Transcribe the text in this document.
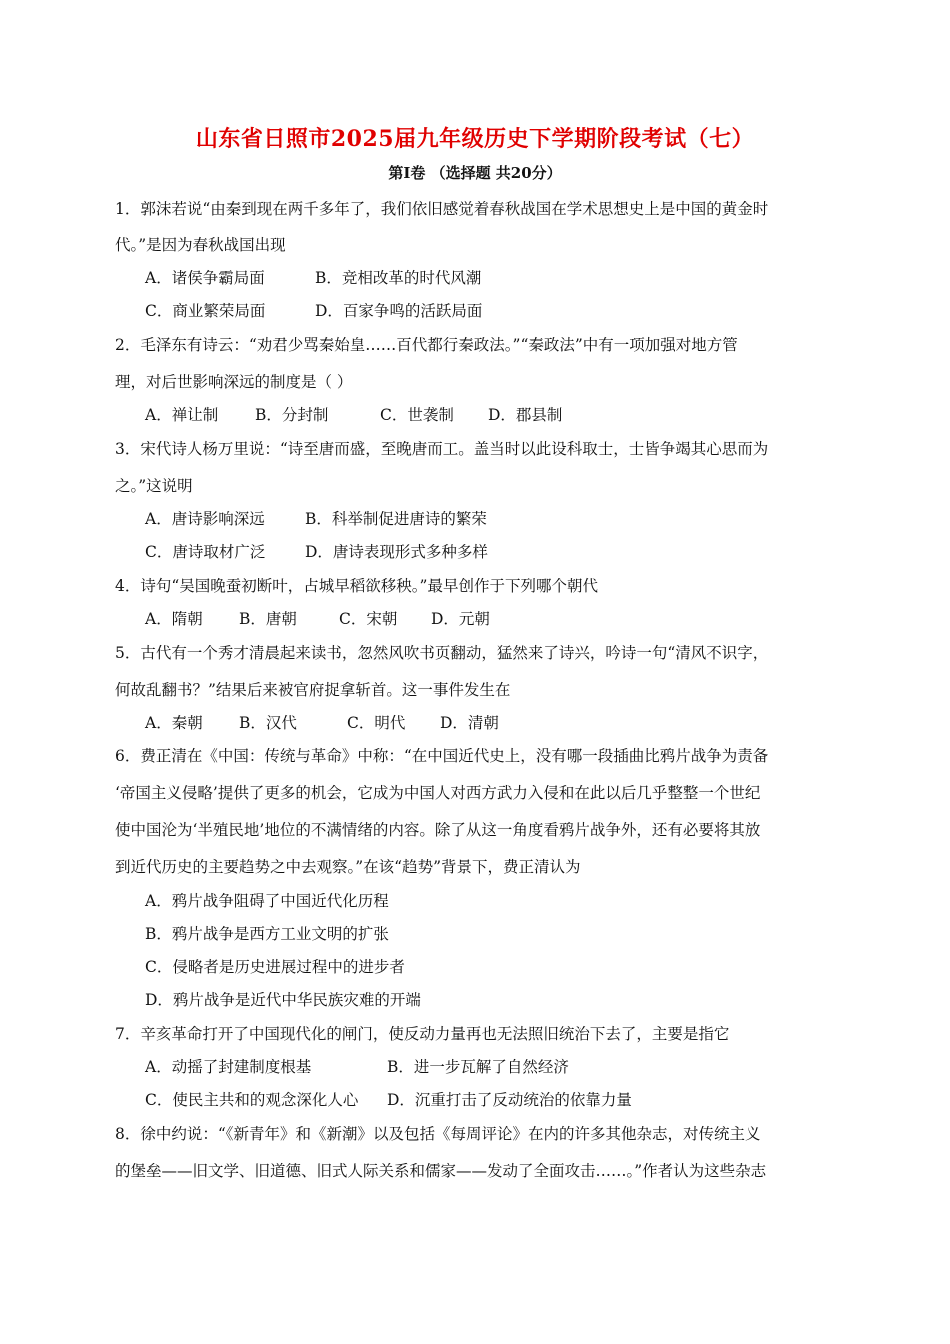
山东省日照市2025届九年级历史下学期阶段考试（七）
第Ⅰ卷 （选择题 共20分）
1．郭沫若说“由秦到现在两千多年了，我们依旧感觉着春秋战国在学术思想史上是中国的黄金时
代。”是因为春秋战国出现
A．诸侯争霸局面	B．竞相改革的时代风潮
C．商业繁荣局面	D．百家争鸣的活跃局面
2．毛泽东有诗云：“劝君少骂秦始皇……百代都行秦政法。”“秦政法”中有一项加强对地方管
理，对后世影响深远的制度是（ ）
A．禅让制 B．分封制	C．世袭制 D．郡县制
3．宋代诗人杨万里说：“诗至唐而盛，至晚唐而工。盖当时以此设科取士，士皆争竭其心思而为
之。”这说明
A．唐诗影响深远	B．科举制促进唐诗的繁荣
C．唐诗取材广泛	D．唐诗表现形式多种多样
4．诗句“吴国晚蚕初断叶，占城早稻欲移秧。”最早创作于下列哪个朝代
A．隋朝 B．唐朝	C．宋朝 D．元朝
5．古代有一个秀才清晨起来读书，忽然风吹书页翻动，猛然来了诗兴，吟诗一句“清风不识字，
何故乱翻书？”结果后来被官府捉拿斩首。这一事件发生在
A．秦朝 B．汉代	C．明代 D．清朝
6．费正清在《中国：传统与革命》中称：“在中国近代史上，没有哪一段插曲比鸦片战争为责备
‘帝国主义侵略’提供了更多的机会，它成为中国人对西方武力入侵和在此以后几乎整整一个世纪
使中国沦为‘半殖民地’地位的不满情绪的内容。除了从这一角度看鸦片战争外，还有必要将其放
到近代历史的主要趋势之中去观察。”在该“趋势”背景下，费正清认为
A．鸦片战争阻碍了中国近代化历程
B．鸦片战争是西方工业文明的扩张
C．侵略者是历史进展过程中的进步者
D．鸦片战争是近代中华民族灾难的开端
7．辛亥革命打开了中国现代化的闸门，使反动力量再也无法照旧统治下去了，主要是指它
A．动摇了封建制度根基	B．进一步瓦解了自然经济
C．使民主共和的观念深化人心 D．沉重打击了反动统治的依靠力量
8．徐中约说：“《新青年》和《新潮》以及包括《每周评论》在内的许多其他杂志，对传统主义
的堡垒——旧文学、旧道德、旧式人际关系和儒家——发动了全面攻击……。”作者认为这些杂志
